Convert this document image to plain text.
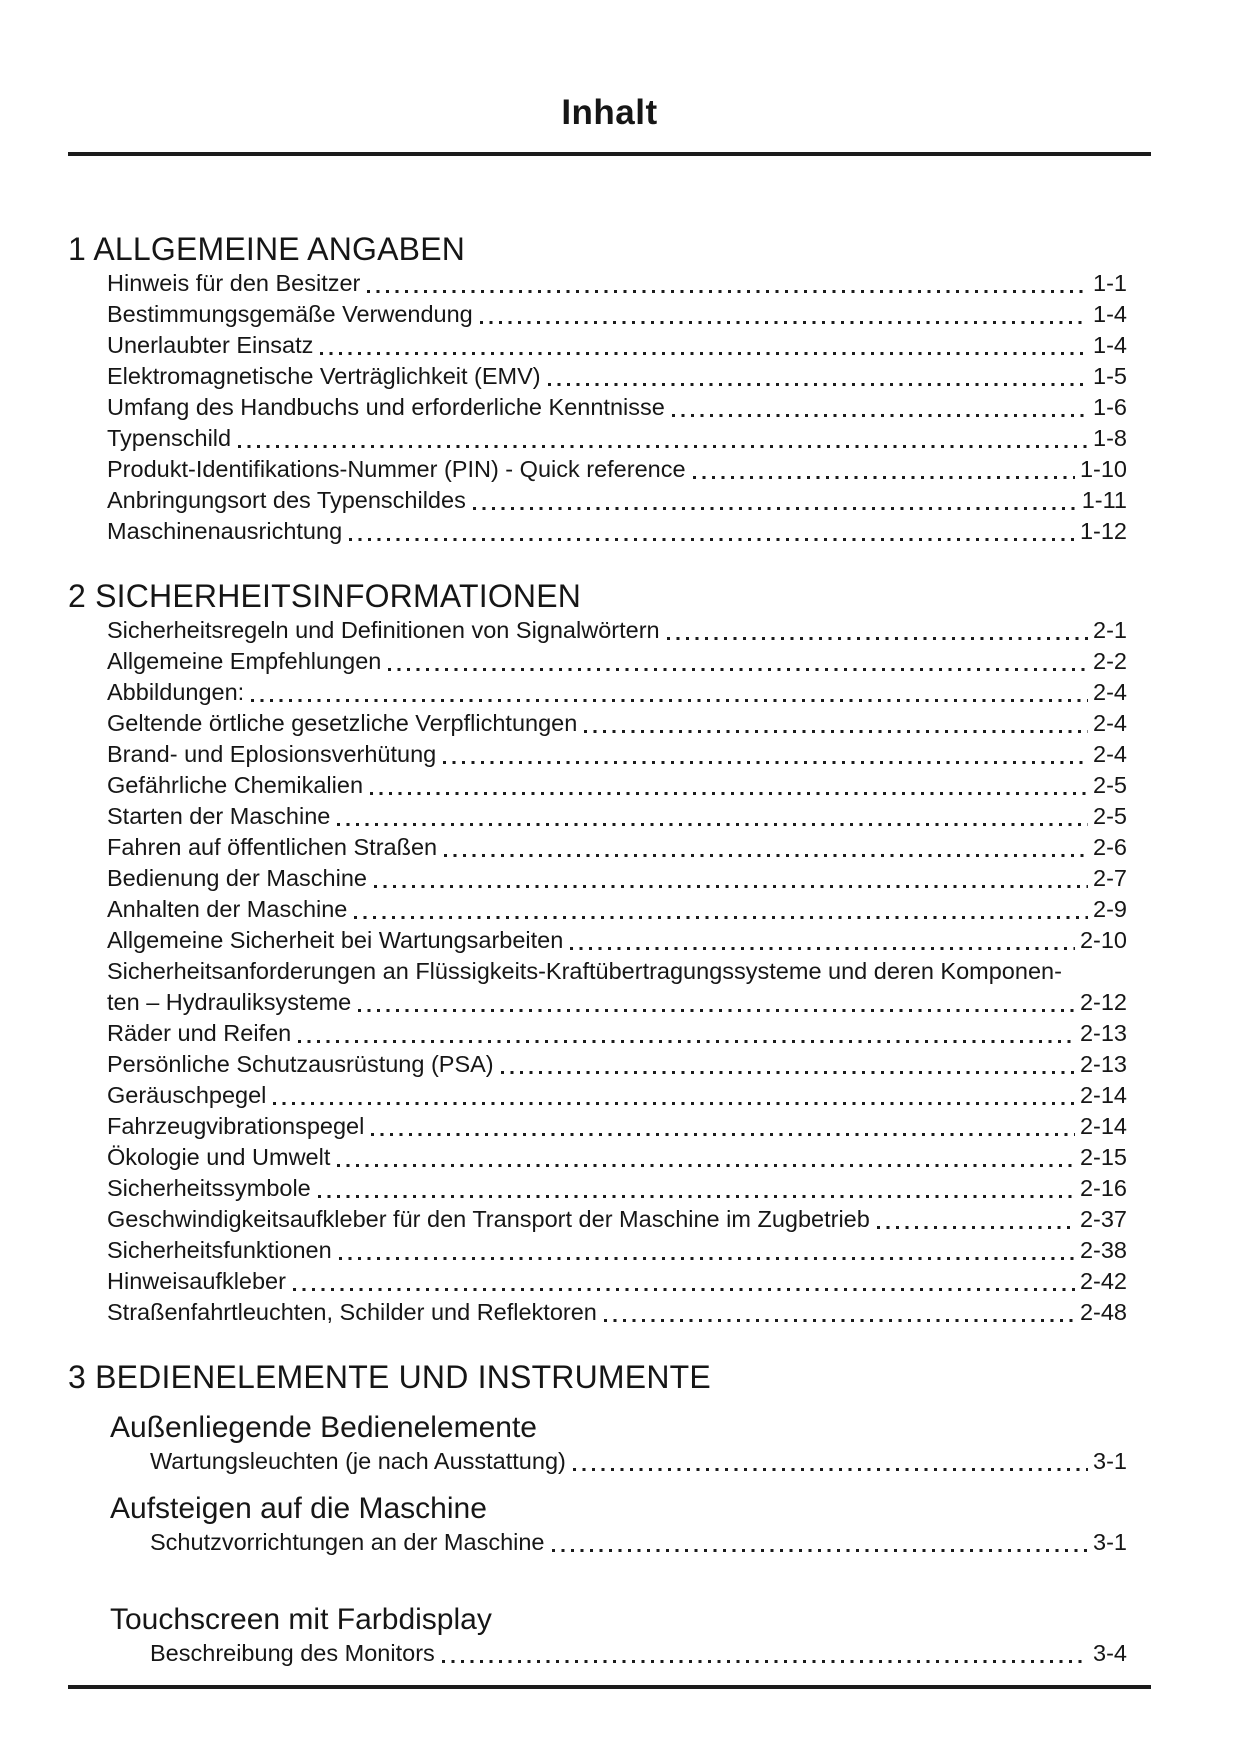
Inhalt
1 ALLGEMEINE ANGABEN
Hinweis für den Besitzer	1-1
Bestimmungsgemäße Verwendung	1-4
Unerlaubter Einsatz	1-4
Elektromagnetische Verträglichkeit (EMV)	1-5
Umfang des Handbuchs und erforderliche Kenntnisse	1-6
Typenschild	1-8
Produkt-Identifikations-Nummer (PIN) - Quick reference	1-10
Anbringungsort des Typenschildes	1-11
Maschinenausrichtung	1-12
2 SICHERHEITSINFORMATIONEN
Sicherheitsregeln und Definitionen von Signalwörtern	2-1
Allgemeine Empfehlungen	2-2
Abbildungen:	2-4
Geltende örtliche gesetzliche Verpflichtungen	2-4
Brand- und Eplosionsverhütung	2-4
Gefährliche Chemikalien	2-5
Starten der Maschine	2-5
Fahren auf öffentlichen Straßen	2-6
Bedienung der Maschine	2-7
Anhalten der Maschine	2-9
Allgemeine Sicherheit bei Wartungsarbeiten	2-10
Sicherheitsanforderungen an Flüssigkeits-Kraftübertragungssysteme und deren Komponen-
ten – Hydrauliksysteme	2-12
Räder und Reifen	2-13
Persönliche Schutzausrüstung (PSA)	2-13
Geräuschpegel	2-14
Fahrzeugvibrationspegel	2-14
Ökologie und Umwelt	2-15
Sicherheitssymbole	2-16
Geschwindigkeitsaufkleber für den Transport der Maschine im Zugbetrieb	2-37
Sicherheitsfunktionen	2-38
Hinweisaufkleber	2-42
Straßenfahrtleuchten, Schilder und Reflektoren	2-48
3 BEDIENELEMENTE UND INSTRUMENTE
Außenliegende Bedienelemente
Wartungsleuchten (je nach Ausstattung)	3-1
Aufsteigen auf die Maschine
Schutzvorrichtungen an der Maschine	3-1
Touchscreen mit Farbdisplay
Beschreibung des Monitors	3-4
